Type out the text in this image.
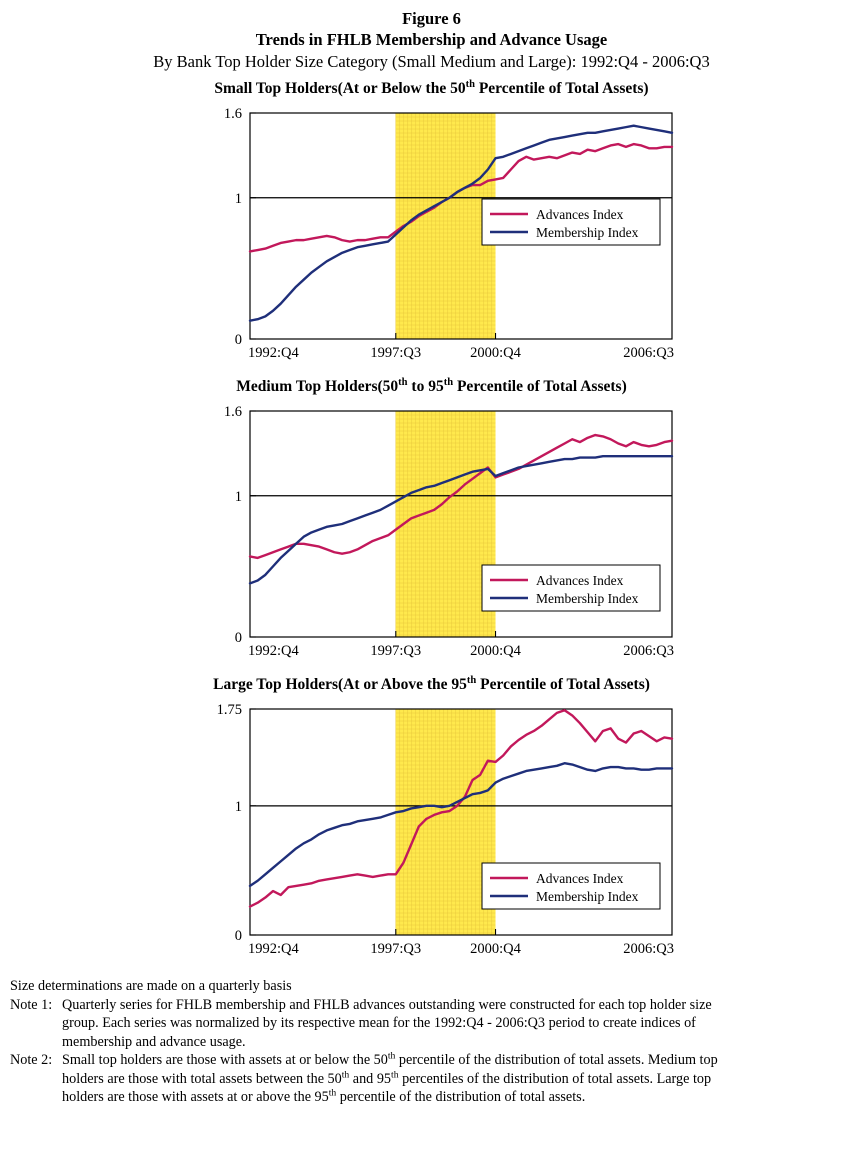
Figure 6
Trends in FHLB Membership and Advance Usage
By Bank Top Holder Size Category (Small Medium and Large): 1992:Q4 - 2006:Q3
Small Top Holders(At or Below the 50th Percentile of Total Assets)
0
1
1.6
1992:Q4	1997:Q3	2000:Q4	2006:Q3
Advances Index
Membership Index
Medium Top Holders(50th to 95th Percentile of Total Assets)
0
1
1.6
1992:Q4	1997:Q3	2000:Q4	2006:Q3
Advances Index
Membership Index
Large Top Holders(At or Above the 95th Percentile of Total Assets)
0
1
1.75
1992:Q4	1997:Q3	2000:Q4	2006:Q3
Advances Index
Membership Index
Size determinations are made on a quarterly basis
Note 1: Quarterly series for FHLB membership and FHLB advances outstanding were constructed for each top holder size
group. Each series was normalized by its respective mean for the 1992:Q4 - 2006:Q3 period to create indices of
membership and advance usage.
Note 2: Small top holders are those with assets at or below the 50th percentile of the distribution of total assets. Medium top
holders are those with total assets between the 50th and 95th percentiles of the distribution of total assets. Large top
holders are those with assets at or above the 95th percentile of the distribution of total assets.
